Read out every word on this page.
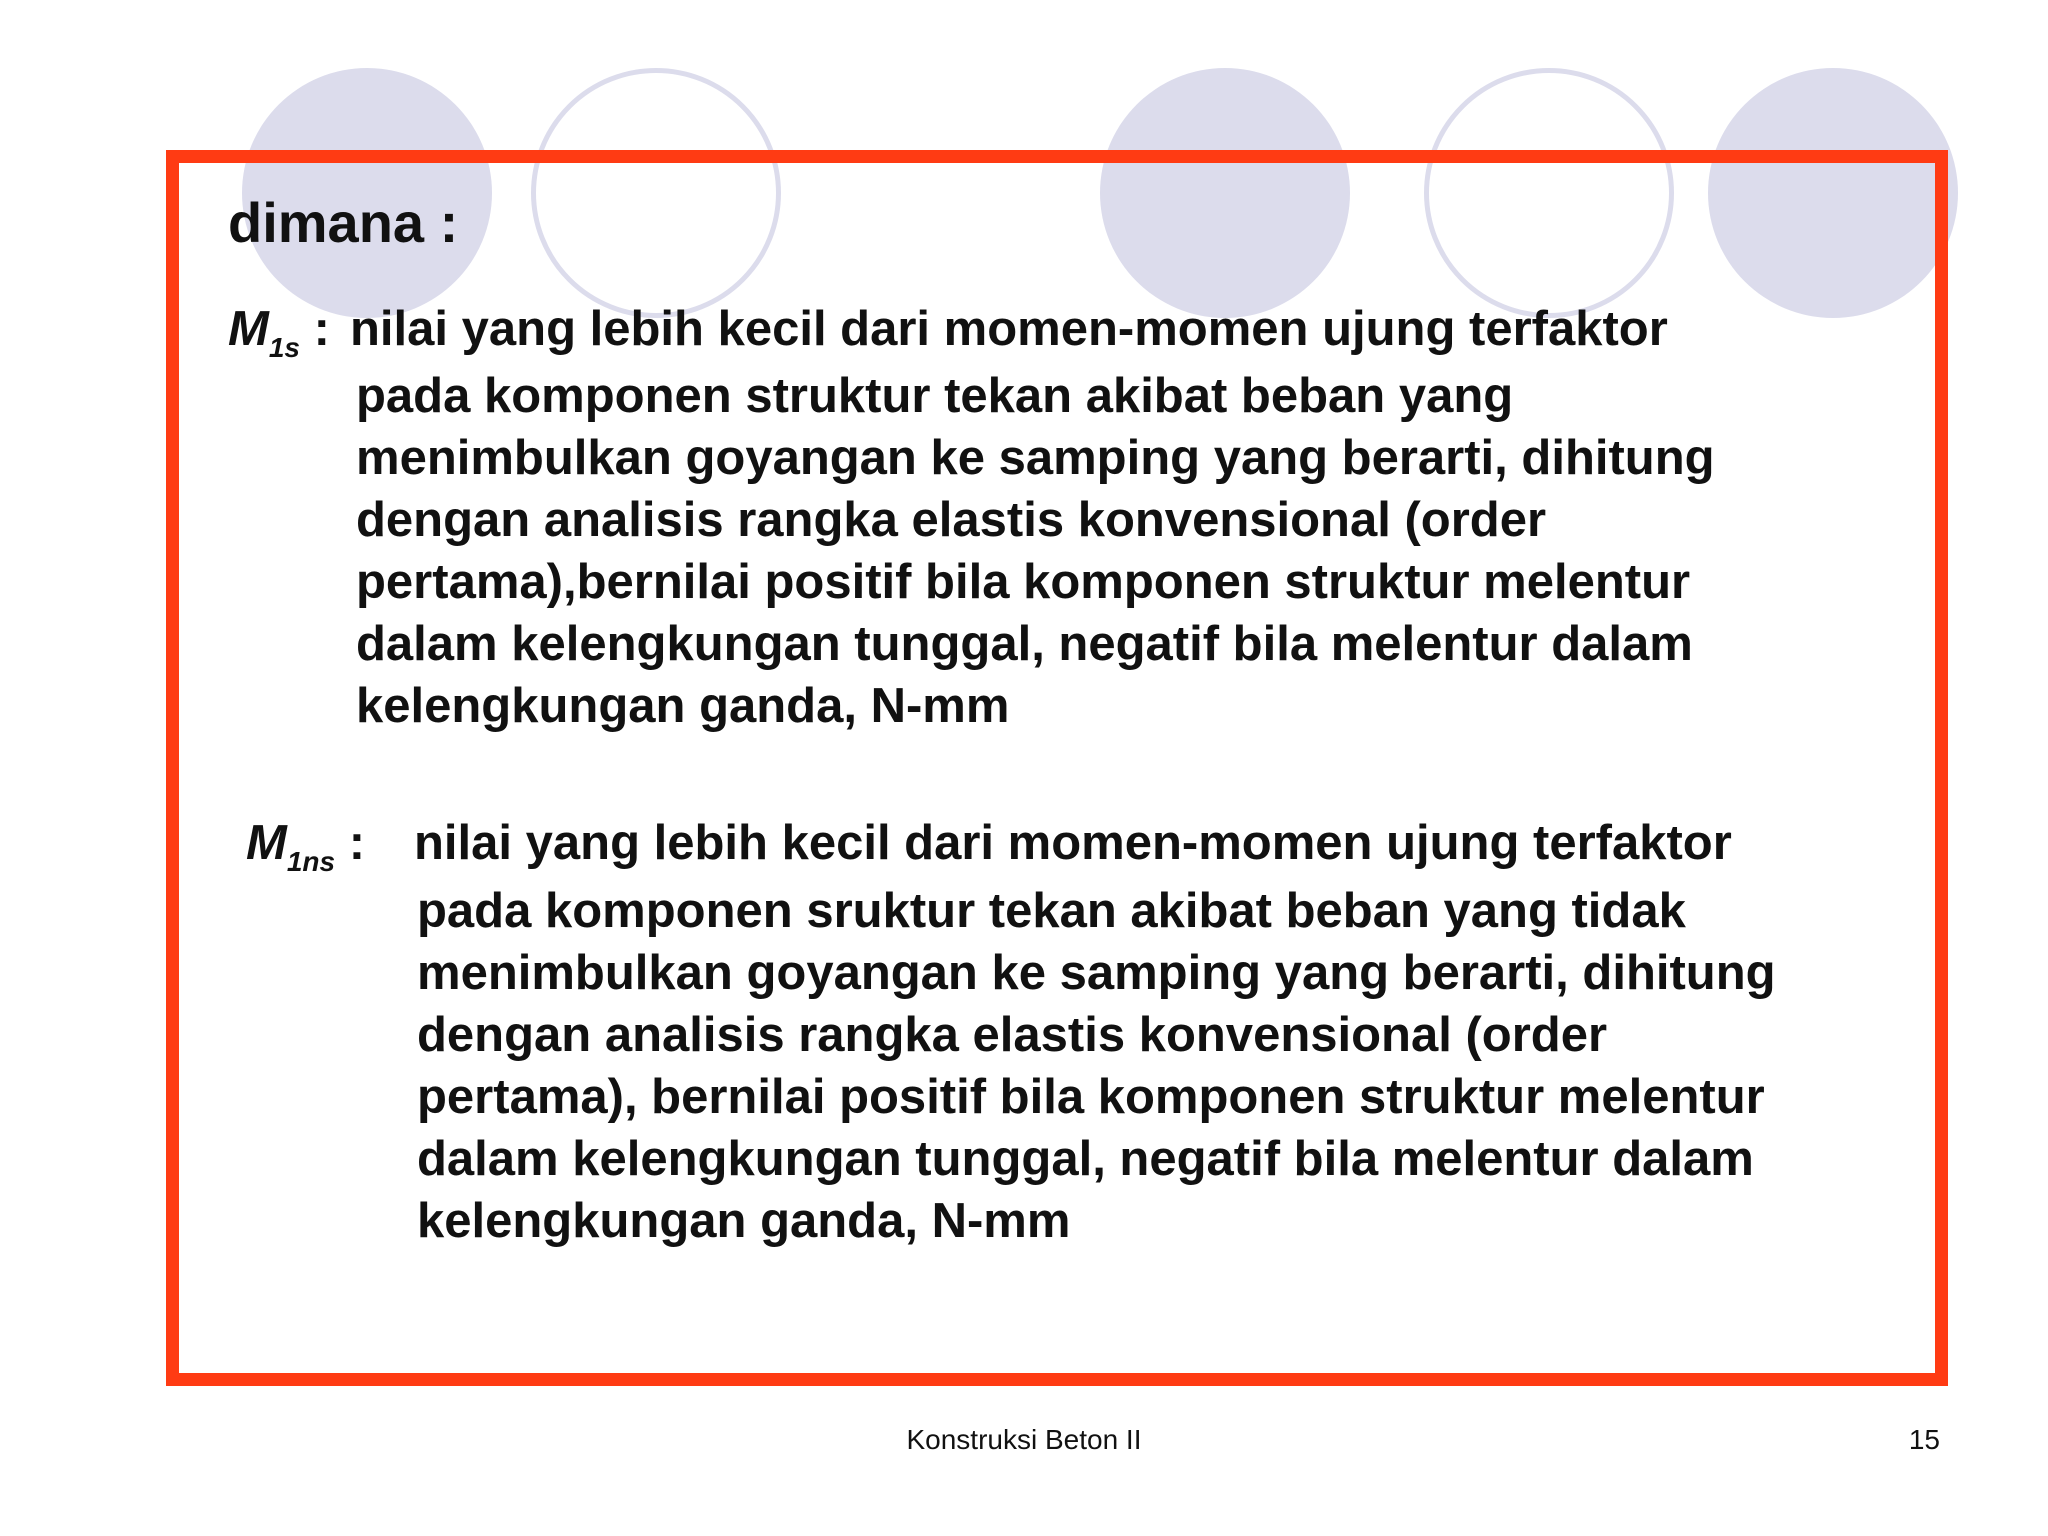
dimana :
$M_{1s}$ : nilai yang lebih kecil dari momen-momen ujung terfaktor
pada komponen struktur tekan akibat beban yang
menimbulkan goyangan ke samping yang berarti, dihitung
dengan analisis rangka elastis konvensional (order
pertama),bernilai positif bila komponen struktur melentur
dalam kelengkungan tunggal, negatif bila melentur dalam
kelengkungan ganda, N-mm
$M_{1ns}$ : nilai yang lebih kecil dari momen-momen ujung terfaktor
pada komponen sruktur tekan akibat beban yang tidak
menimbulkan goyangan ke samping yang berarti, dihitung
dengan analisis rangka elastis konvensional (order
pertama), bernilai positif bila komponen struktur melentur
dalam kelengkungan tunggal, negatif bila melentur dalam
kelengkungan ganda, N-mm
Konstruksi Beton II	15
